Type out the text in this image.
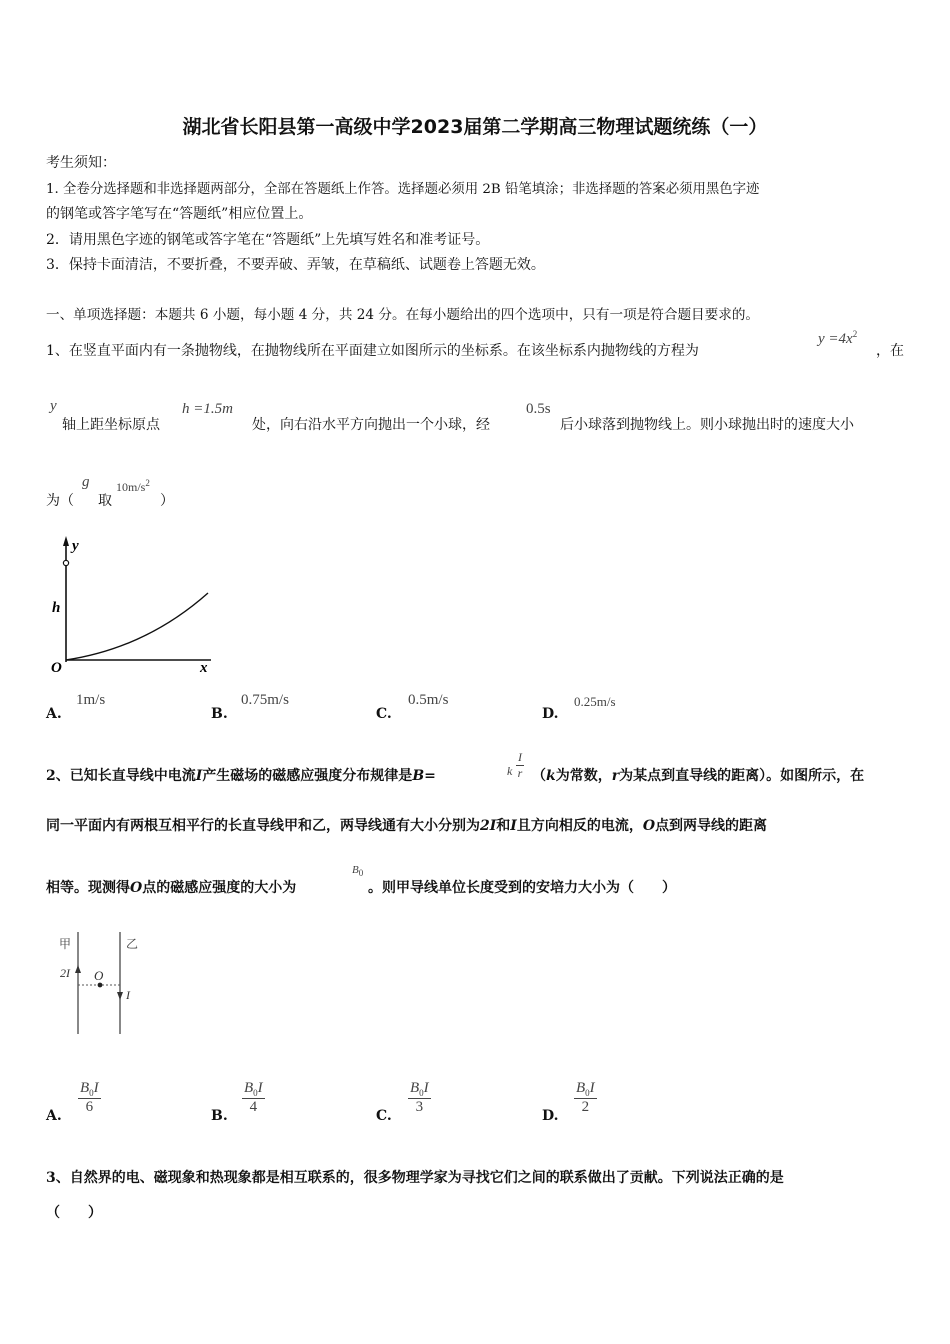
湖北省长阳县第一高级中学2023届第二学期高三物理试题统练（一）
考生须知：
1. 全卷分选择题和非选择题两部分，全部在答题纸上作答。选择题必须用 2B 铅笔填涂；非选择题的答案必须用黑色字迹
的钢笔或答字笔写在“答题纸”相应位置上。
2．请用黑色字迹的钢笔或答字笔在“答题纸”上先填写姓名和准考证号。
3．保持卡面清洁，不要折叠，不要弄破、弄皱，在草稿纸、试题卷上答题无效。
一、单项选择题：本题共 6 小题，每小题 4 分，共 24 分。在每小题给出的四个选项中，只有一项是符合题目要求的。
1、在竖直平面内有一条抛物线，在抛物线所在平面建立如图所示的坐标系。在该坐标系内抛物线的方程为
$y =4x^2$
，在
y
轴上距坐标原点
h =1.5m
处，向右沿水平方向抛出一个小球，经
0.5s
后小球落到抛物线上。则小球抛出时的速度大小
为（
g
取
$10m/s^2$
）
y
h
O	x
A.
1m/s
B.
0.75m/s
C.
0.5m/s
D.
0.25m/s
2、已知长直导线中电流I产生磁场的磁感应强度分布规律是B=	k $\frac{I}{r} (k$为常数，r为某点到直导线的距离）。如图所示，在
同一平面内有两根互相平行的长直导线甲和乙，两导线通有大小分别为2I和I且方向相反的电流，O点到两导线的距离
相等。现测得O点的磁感应强度的大小为
$B_0$
。则甲导线单位长度受到的安培力大小为（　　）
甲	乙
2I
I
O
A. $\frac{B_0I}{6}$	B. $\frac{B_0I}{4}$	C. $\frac{B_0I}{3}$	D. $\frac{B_0I}{2}$
3、自然界的电、磁现象和热现象都是相互联系的，很多物理学家为寻找它们之间的联系做出了贡献。下列说法正确的是
（　　）
